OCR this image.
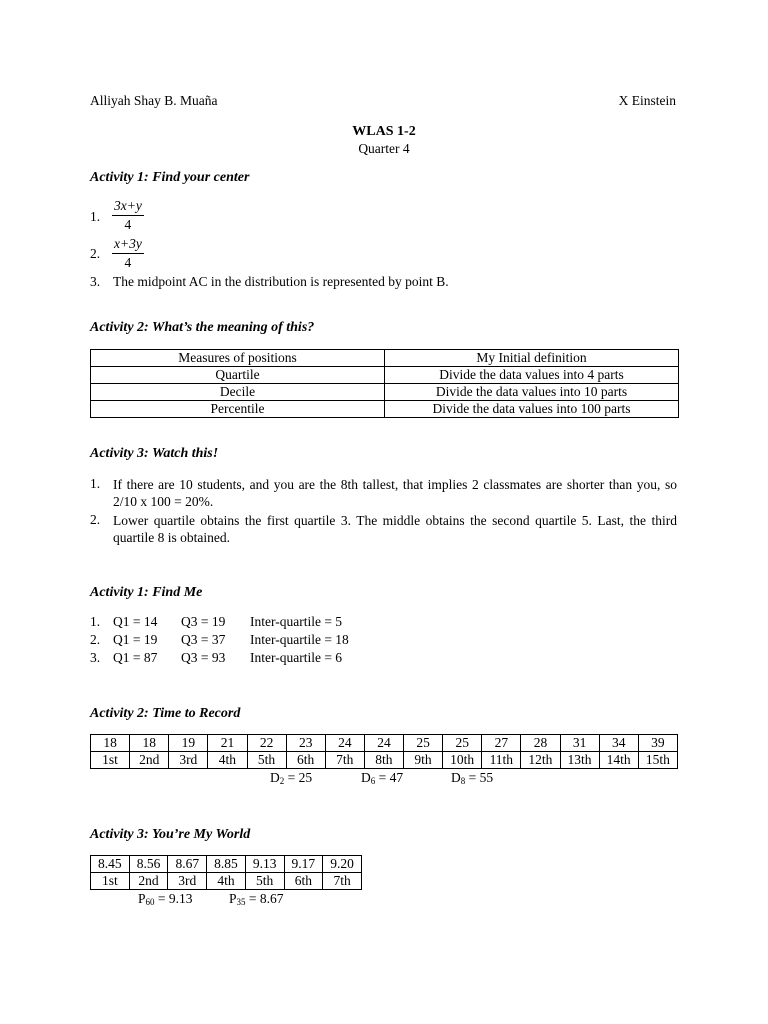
Alliyah Shay B. Muaña	X Einstein
WLAS 1-2
Quarter 4
Activity 1: Find your center
1. $\frac{3x+y}{4}$
2. $\frac{x+3y}{4}$
3. The midpoint AC in the distribution is represented by point B.
Activity 2: What’s the meaning of this?
Measures of positions	My Initial definition
Quartile	Divide the data values into 4 parts
Decile	Divide the data values into 10 parts
Percentile	Divide the data values into 100 parts
Activity 3: Watch this!
1. If there are 10 students, and you are the 8th tallest, that implies 2 classmates are shorter than you, so 2/10 x 100 = 20%.
2. Lower quartile obtains the first quartile 3. The middle obtains the second quartile 5. Last, the third quartile 8 is obtained.
Activity 1: Find Me
1. Q1 = 14 Q3 = 19 Inter-quartile = 5
2. Q1 = 19 Q3 = 37 Inter-quartile = 18
3. Q1 = 87 Q3 = 93 Inter-quartile = 6
Activity 2: Time to Record
18	18	19	21	22	23	24	24	25	25	27	28	31	34	39
1st	2nd	3rd	4th	5th	6th	7th	8th	9th	10th	11th	12th	13th	14th	15th
$D_2 = 25$	$D_6 = 47$	$D_8 = 55$
Activity 3: You’re My World
8.45	8.56	8.67	8.85	9.13	9.17	9.20
1st	2nd	3rd	4th	5th	6th	7th
$P_{60} = 9.13$	$P_{35} = 8.67$
